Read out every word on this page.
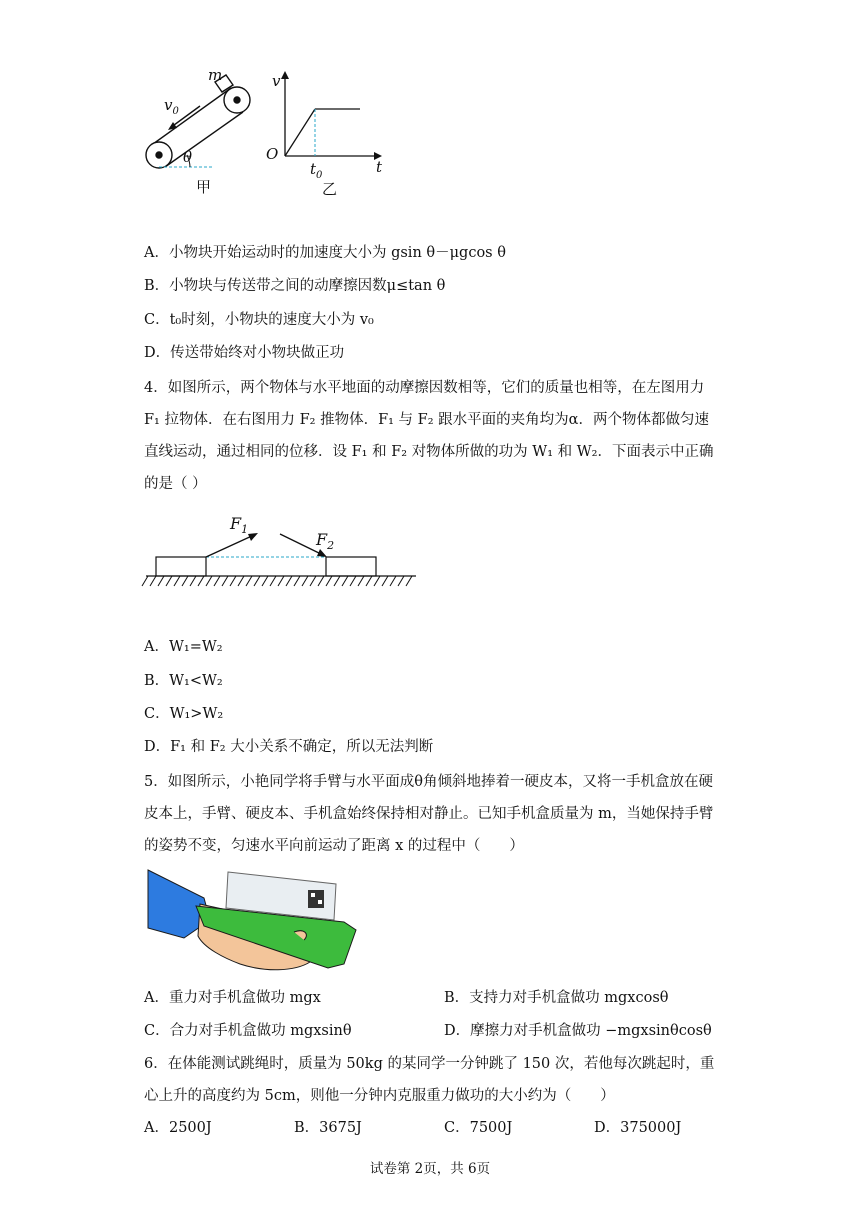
m
$v_0$
θ
甲
v
O
t
$t_0$
乙
A．小物块开始运动时的加速度大小为 gsin θ－μgcos θ
B．小物块与传送带之间的动摩擦因数μ≤tan θ
C．t₀时刻，小物块的速度大小为 v₀
D．传送带始终对小物块做正功
4．如图所示，两个物体与水平地面的动摩擦因数相等，它们的质量也相等，在左图用力 F₁ 拉物体．在右图用力 F₂ 推物体．F₁ 与 F₂ 跟水平面的夹角均为α．两个物体都做匀速直线运动，通过相同的位移．设 F₁ 和 F₂ 对物体所做的功为 W₁ 和 W₂．下面表示中正确的是（ ）
$F_1$
$F_2$
A．W₁=W₂
B．W₁<W₂
C．W₁>W₂
D．F₁ 和 F₂ 大小关系不确定，所以无法判断
5．如图所示，小艳同学将手臂与水平面成θ角倾斜地捧着一硬皮本，又将一手机盒放在硬皮本上，手臂、硬皮本、手机盒始终保持相对静止。已知手机盒质量为 m，当她保持手臂的姿势不变，匀速水平向前运动了距离 x 的过程中（　　）
A．重力对手机盒做功 mgx	B．支持力对手机盒做功 mgxcosθ
C．合力对手机盒做功 mgxsinθ	D．摩擦力对手机盒做功 −mgxsinθcosθ
6．在体能测试跳绳时，质量为 50kg 的某同学一分钟跳了 150 次，若他每次跳起时，重心上升的高度约为 5cm，则他一分钟内克服重力做功的大小约为（　　）
A．2500J	B．3675J	C．7500J	D．375000J
试卷第 2页，共 6页
